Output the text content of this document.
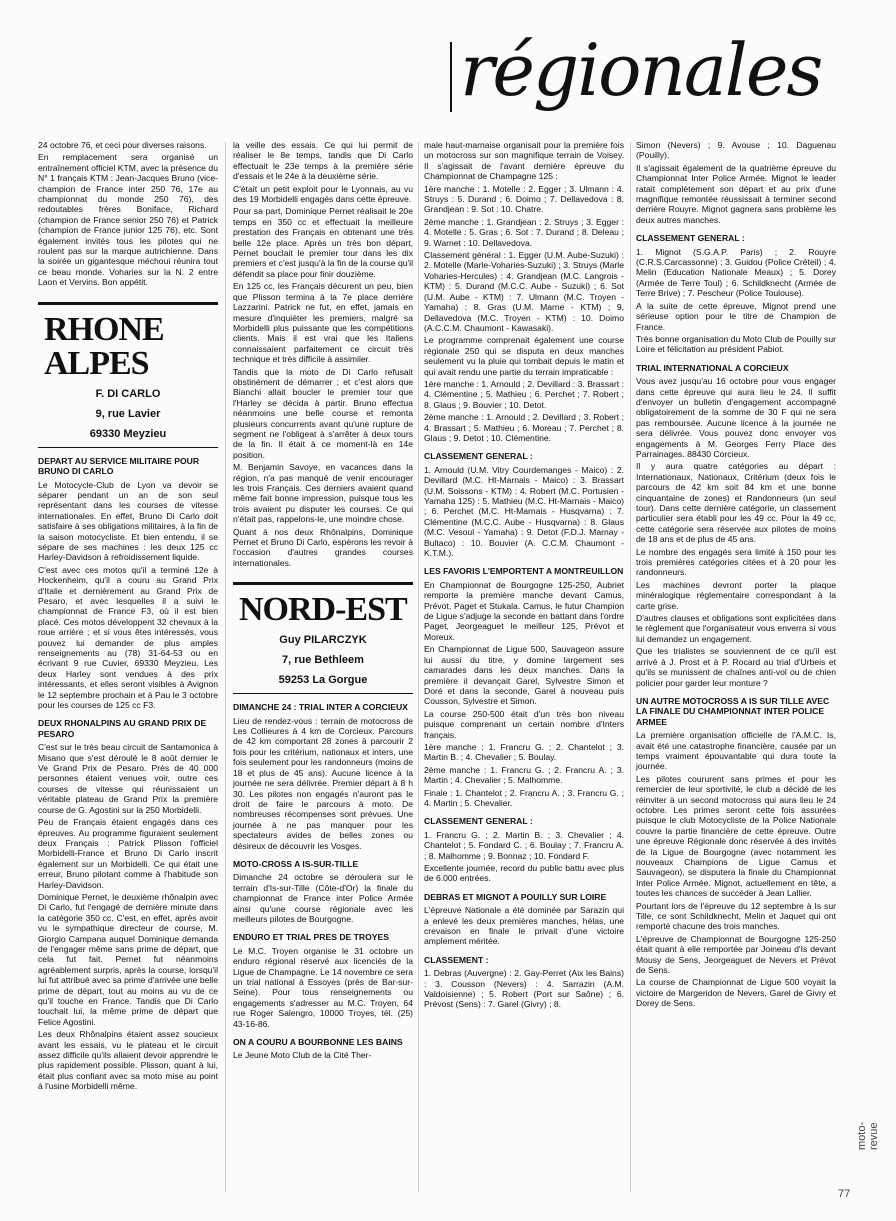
régionales

24 octobre 76, et ceci pour diverses raisons.

En remplacement sera organisé un entraînement officiel KTM, avec la présence du N° 1 français KTM : Jean-Jacques Bruno (vice-champion de France inter 250 76, 17e au championnat du monde 250 76), des redoutables frères Boniface, Richard (champion de France senior 250 76) et Patrick (champion de France junior 125 76), etc. Sont également invités tous les pilotes qui ne roulent pas sur la marque autrichienne. Dans la soirée un gigantesque méchoui réunira tout ce beau monde. Voharies sur la N. 2 entre Laon et Vervins. Bon appétit.

RHONE ALPES
F. DI CARLO
9, rue Lavier
69330 Meyzieu
DEPART AU SERVICE MILITAIRE POUR BRUNO DI CARLO

Le Motocycle-Club de Lyon va devoir se séparer pendant un an de son seul représentant dans les courses de vitesse internationales. En effet, Bruno Di Carlo doit satisfaire à ses obligations militaires, à la fin de la saison motocycliste. Et bien entendu, il se sépare de ses machines : les deux 125 cc Harley-Davidson à refroidissement liquide.

C'est avec ces motos qu'il a terminé 12e à Hockenheim, qu'il a couru au Grand Prix d'Italie et dernièrement au Grand Prix de Pesaro, et avec lesquelles il a suivi le championnat de France F3, où il est bien placé. Ces motos développent 32 chevaux à la roue arrière ; et si vous êtes intéressés, vous pouvez lui demander de plus amples renseignements au (78) 31-64-53 ou en écrivant 9 rue Cuvier, 69330 Meyzieu. Les deux Harley sont vendues à des prix intéressants, et elles seront visibles à Avignon le 12 septembre prochain et à Pau le 3 octobre pour les courses de 125 cc F3.

DEUX RHONALPINS AU GRAND PRIX DE PESARO

C'est sur le très beau circuit de Santamonica à Misano que s'est déroulé le 8 août dernier le Ve Grand Prix de Pesaro. Près de 40 000 personnes étaient venues voir, outre ces courses de vitesse qui réunissaient un véritable plateau de Grand Prix la première course de G. Agostini sur la 250 Morbidelli.

Peu de Français étaient engagés dans ces épreuves. Au programme figuraient seulement deux Français : Patrick Plisson l'officiel Morbidelli-France et Bruno Di Carlo inscrit également sur un Morbidelli. Ce qui était une erreur, Bruno pilotant comme à l'habitude son Harley-Davidson.

Dominique Pernet, le deuxième rhônalpin avec Di Carlo, fut l'engagé de dernière minute dans la catégorie 350 cc. C'est, en effet, après avoir vu le sympathique directeur de course, M. Giorgio Campana auquel Dominique demanda de l'engager même sans prime de départ, que cela fut fait. Pernet fut néanmoins agréablement surpris, après la course, lorsqu'il lui fut attribué avec sa prime d'arrivée une belle prime de départ, tout au moins au vu de ce qu'il touche en France. Tandis que Di Carlo touchait lui, la même prime de départ que Felice Agostini.

Les deux Rhônalpins étaient assez soucieux avant les essais, vu le plateau et le circuit assez difficile qu'ils allaient devoir apprendre le plus rapidement possible. Plisson, quant à lui, était plus confiant avec sa moto mise au point à l'usine Morbidelli même.

la veille des essais. Ce qui lui permit de réaliser le 8e temps, tandis que Di Carlo effectuait le 23e temps à la première série d'essais et le 24e à la deuxième série.

C'était un petit exploit pour le Lyonnais, au vu des 19 Morbidelli engagés dans cette épreuve.

Pour sa part, Dominique Pernet réalisait le 20e temps en 350 cc et effectuait la meilleure prestation des Français en obtenant une très belle 12e place. Après un très bon départ, Pernet bouclait le premier tour dans les dix premiers et c'est jusqu'à la fin de la course qu'il défendit sa place pour finir douzième.

En 125 cc, les Français décurent un peu, bien que Plisson termina à la 7e place derrière Lazzarini. Patrick ne fut, en effet, jamais en mesure d'inquiéter les premiers, malgré sa Morbidelli plus puissante que les compétitions clients. Mais il est vrai que les Italiens connaissaient parfaitement ce circuit très technique et très difficile à assimiler.

Tandis que la moto de Di Carlo refusait obstinément de démarrer ; et c'est alors que Bianchi allait boucler le premier tour que l'Harley se décida à partir. Bruno effectua néanmoins une belle course et remonta plusieurs concurrents avant qu'une rupture de segment ne l'obligeat à s'arrêter à deux tours de la fin. Il était à ce moment-là en 14e position.

M. Benjamin Savoye, en vacances dans la région, n'a pas manqué de venir encourager les trois Français. Ces derniers avaient quand même fait bonne impression, puisque tous les trois avaient pu disputer les courses. Ce qui n'était pas, rappelons-le, une moindre chose.

Quant à nos deux Rhônalpins, Dominique Pernet et Bruno Di Carlo, espèrons les revoir à l'occasion d'autres grandes courses internationales.

NORD-EST
Guy PILARCZYK
7, rue Bethleem
59253 La Gorgue
DIMANCHE 24 : TRIAL INTER A CORCIEUX

Lieu de rendez-vous : terrain de motocross de Les Collieures à 4 km de Corcieux. Parcours de 42 km comportant 28 zones à parcourir 2 fois pour les critérium, nationaux et inters, une fois seulement pour les randonneurs (moins de 18 et plus de 45 ans). Aucune licence à la journée ne sera délivrée. Premier départ à 8 h 30. Les pilotes non engagés n'auront pas le droit de faire le parcours à moto. De nombreuses récompenses sont prévues. Une journée à ne pas manquer pour les spectateurs avides de belles zones ou désireux de découvrir les Vosges.

MOTO-CROSS A IS-SUR-TILLE

Dimanche 24 octobre se déroulera sur le terrain d'Is-sur-Tille (Côte-d'Or) la finale du championnat de France inter Police Armée ainsi qu'une course régionale avec les meilleurs pilotes de Bourgogne.

ENDURO ET TRIAL PRES DE TROYES

Le M.C. Troyen organise le 31 octobre un enduro régional réservé aux licenciés de la Ligue de Champagne. Le 14 novembre ce sera un trial national à Essoyes (près de Bar-sur-Seine). Pour tous renseignements ou engagements s'adresser au M.C. Troyen, 64 rue Roger Salengro, 10000 Troyes, tél. (25) 43-16-86.

ON A COURU A BOURBONNE LES BAINS

Le Jeune Moto Club de la Cité Ther-

male haut-marnaise organisait pour la première fois un motocross sur son magnifique terrain de Voisey. Il s'agissait de l'avant dernière épreuve du Championnat de Champagne 125 :

1ère manche : 1. Motelle : 2. Egger ; 3. Ulmann : 4. Struys : 5. Durand ; 6. Doimo ; 7. Dellavedova : 8. Grandjean : 9. Sot : 10. Chatre.

2ème manche : 1. Grandjean : 2. Struys ; 3. Egger : 4. Motelle : 5. Gras ; 6. Sot : 7. Durand ; 8. Deleau ; 9. Warnet : 10. Dellavedova.

Classement général : 1. Egger (U.M. Aube-Suzuki) : 2. Motelle (Marle-Voharies-Suzuki) ; 3. Struys (Marle Voharies-Hercules) : 4. Grandjean (M.C. Langrois - KTM) : 5. Durand (M.C.C. Aube - Suzuki) ; 6. Sot (U.M. Aube - KTM) : 7. Ulmann (M.C. Troyen - Yamaha) : 8. Gras (U.M. Marne - KTM) ; 9. Dellavedova (M.C. Troyen - KTM) : 10. Doimo (A.C.C.M. Chaumont - Kawasaki).

Le programme comprenait également une course régionale 250 qui se disputa en deux manches seulement vu la pluie qui tombait depuis le matin et qui avait rendu une partie du terrain impraticable :

1ère manche : 1. Arnould ; 2. Devillard : 3. Brassart : 4. Clémentine ; 5. Mathieu ; 6. Perchet ; 7. Robert ; 8. Glaus ; 9. Bouvier ; 10. Detot.

2ème manche : 1. Arnould ; 2. Devillard ; 3. Robert ; 4. Brassart ; 5. Mathieu ; 6. Moreau ; 7. Perchet ; 8. Glaus ; 9. Detot ; 10. Clémentine.

CLASSEMENT GENERAL :

1. Arnould (U.M. Vitry Courdemanges - Maico) : 2. Devillard (M.C. Ht-Marnais - Maico) : 3. Brassart (U.M. Soissons - KTM) : 4. Robert (M.C. Portusien - Yamaha 125) : 5. Mathieu (M.C. Ht-Marnais - Maico) ; 6. Perchet (M.C. Ht-Marnais - Husqvarna) : 7. Clémentine (M.C.C. Aube - Husqvarna) : 8. Glaus (M.C. Vesoul - Yamaha) : 9. Detot (F.D.J. Marnay - Bultaco) : 10. Bouvier (A. C.C.M. Chaumont - K.T.M.).

LES FAVORIS L'EMPORTENT A MONTREUILLON

En Championnat de Bourgogne 125-250, Aubriet remporte la première manche devant Camus, Prévot, Paget et Stukala. Camus, le futur Champion de Ligue s'adjuge la seconde en battant dans l'ordre Paget, Jeorgeaguet le meilleur 125, Prévot et Moreux.

En Championnat de Ligue 500, Sauvageon assure lui aussi du titre, y domine largement ses camarades dans les deux manches. Dans la première il devançait Garel, Sylvestre Simon et Doré et dans la seconde, Garel à nouveau puis Cousson, Sylvestre et Simon.

La course 250-500 était d'un très bon niveau puisque comprenant un certain nombre d'Inters français.

1ère manche : 1. Francru G. ; 2. Chantelot ; 3. Martin B. ; 4. Chevalier ; 5. Boulay.

2ème manche : 1. Francru G. ; 2. Francru A. ; 3. Martin ; 4. Chevalier ; 5. Malhomme.

Finale : 1. Chantelot ; 2. Francru A. ; 3. Francru G. ; 4. Martin ; 5. Chevalier.

CLASSEMENT GENERAL :

1. Francru G. ; 2. Martin B. ; 3. Chevalier ; 4. Chantelot ; 5. Fondard C. ; 6. Boulay ; 7. Francru A. ; 8. Malhomme ; 9. Bonnaz ; 10. Fondard F.

Excellente journée, record du public battu avec plus de 6.000 entrées.

DEBRAS ET MIGNOT A POUILLY SUR LOIRE

L'épreuve Nationale a été dominée par Sarazin qui a enlevé les deux premières manches, hélas, une crevaison en finale le privait d'une victoire amplement méritée.

CLASSEMENT :

1. Debras (Auvergne) : 2. Gay-Perret (Aix les Bains) : 3. Cousson (Nevers) : 4. Sarrazin (A.M. Valdoisienne) ; 5. Robert (Port sur Saône) ; 6. Prévost (Sens) : 7. Garel (Givry) ; 8.

Simon (Nevers) ; 9. Avouse ; 10. Daguenau (Pouilly).

Il s'agissait également de la quatrième épreuve du Championnat Inter Police Armée. Mignot le leader ratait complètement son départ et au prix d'une magnifique remontée réussissait à terminer second derrière Rouyre. Mignot gagnera sans problème les deux autres manches.

CLASSEMENT GENERAL :

1. Mignot (S.G.A.P. Paris) ; 2. Rouyre (C.R.S.Carcassonne) ; 3. Guidou (Police Créteil) ; 4. Melin (Education Nationale Meaux) ; 5. Dorey (Armée de Terre Toul) ; 6. Schildknecht (Armée de Terre Brive) ; 7. Pescheur (Police Toulouse).

A la suite de cette épreuve, Mignot prend une sérieuse option pour le titre de Champion de France.

Très bonne organisation du Moto Club de Pouilly sur Loire et félicitation au président Pabiot.

TRIAL INTERNATIONAL A CORCIEUX

Vous avez jusqu'au 16 octobre pour vous engager dans cette épreuve qui aura lieu le 24. Il suffit d'envoyer un bulletin d'engagement accompagné obligatoirement de la somme de 30 F qui ne sera pas remboursée. Aucune licence à la journée ne sera délivrée. Vous pouvez donc envoyer vos engagements à M. Georges Ferry Place des Parrainages. 88430 Corcieux.

Il y aura quatre catégories au départ : Internationaux, Nationaux, Critérium (deux fois le parcours de 42 km soit 84 km et une bonne cinquantaine de zones) et Randonneurs (un seul tour). Dans cette dernière catégorie, un classement particulier sera établi pour les 49 cc. Pour la 49 cc, cette catégorie sera réservée aux pilotes de moins de 18 ans et de plus de 45 ans.

Le nombre des engagés sera limité à 150 pour les trois premières catégories citées et à 20 pour les randonneurs.

Les machines devront porter la plaque minéralogique réglementaire correspondant à la carte grise.

D'autres clauses et obligations sont explicitées dans le règlement que l'organisateur vous enverra si vous lui demandez un engagement.

Que les trialistes se souviennent de ce qu'il est arrivé à J. Prost et à P. Rocard au trial d'Urbeis et qu'ils se munissent de chaînes anti-vol ou de chien policier pour garder leur monture ?

UN AUTRE MOTOCROSS A IS SUR TILLE AVEC LA FINALE DU CHAMPIONNAT INTER POLICE ARMEE

La première organisation officielle de l'A.M.C. Is, avait été une catastrophe financière, causée par un temps vraiment épouvantable qui dura toute la journée.

Les pilotes coururent sans primes et pour les remercier de leur sportivité, le club a décidé de les réinviter à un second motocross qui aura lieu le 24 octobre. Les primes seront cette fois assurées puisque le club Motocycliste de la Police Nationale couvre la partie financière de cette épreuve. Outre une épreuve Régionale donc réservée à des invités de la Ligue de Bourgogne (avec notamment les nouveaux Champions de Ligue Camus et Sauvageon), se disputera la finale du Championnat Inter Police Armée. Mignot, actuellement en tête, a toutes les chances de succéder à Jean Lallier.

Pourtant lors de l'épreuve du 12 septembre à Is sur Tille, ce sont Schildknecht, Melin et Jaquet qui ont remporté chacune des trois manches.

L'épreuve de Championnat de Bourgogne 125-250 était quant à elle remportée par Joineau d'Is devant Mousy de Sens, Jeorgeaguet de Nevers et Prévot de Sens.

La course de Championnat de Ligue 500 voyait la victoire de Margeridon de Nevers, Garel de Givry et Dorey de Sens.

moto-revue
77
